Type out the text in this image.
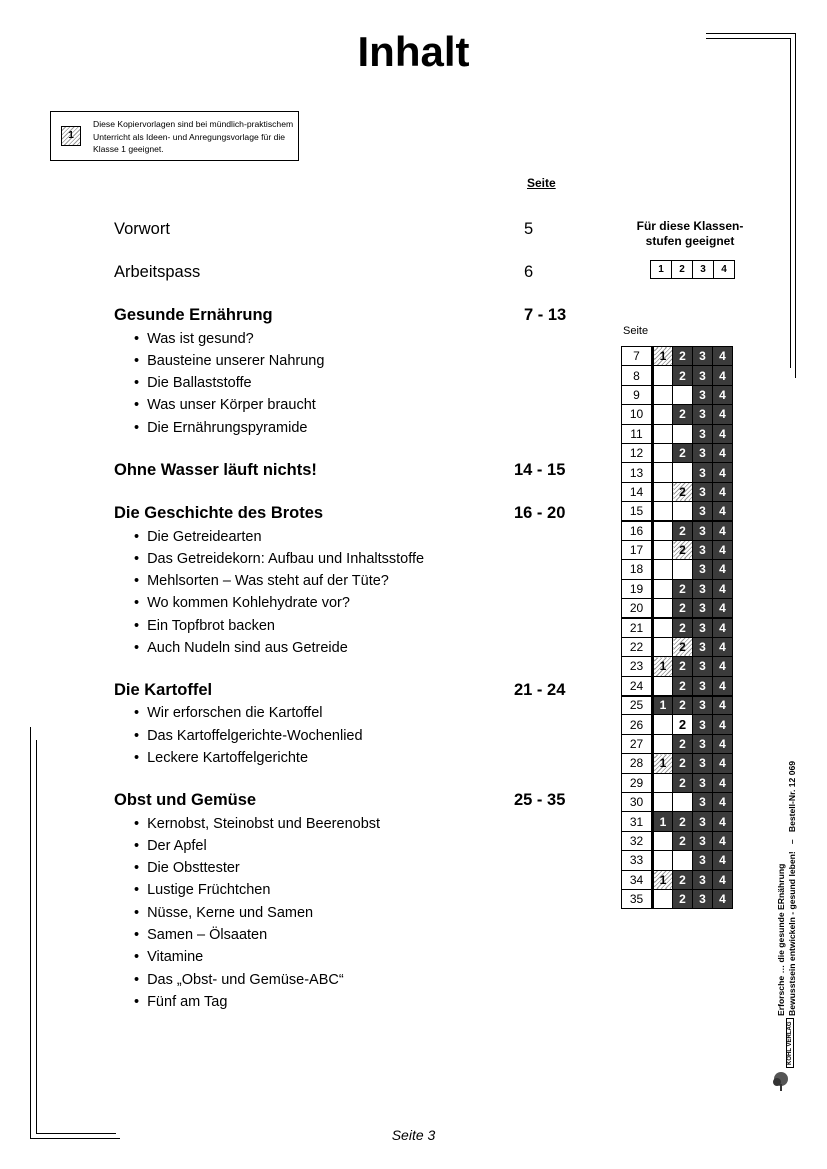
Inhalt
1
Diese Kopiervorlagen sind bei mündlich-praktischem Unterricht als Ideen- und Anregungsvorlage für die Klasse 1 geeignet.
Seite
Vorwort	5
Arbeitspass	6
Gesunde Ernährung	7 - 13
• Was ist gesund?
• Bausteine unserer Nahrung
• Die Ballaststoffe
• Was unser Körper braucht
• Die Ernährungspyramide
Ohne Wasser läuft nichts!	14 - 15
Die Geschichte des Brotes	16 - 20
• Die Getreidearten
• Das Getreidekorn: Aufbau und Inhaltsstoffe
• Mehlsorten – Was steht auf der Tüte?
• Wo kommen Kohlehydrate vor?
• Ein Topfbrot backen
• Auch Nudeln sind aus Getreide
Die Kartoffel	21 - 24
• Wir erforschen die Kartoffel
• Das Kartoffelgerichte-Wochenlied
• Leckere Kartoffelgerichte
Obst und Gemüse	25 - 35
• Kernobst, Steinobst und Beerenobst
• Der Apfel
• Die Obsttester
• Lustige Früchtchen
• Nüsse, Kerne und Samen
• Samen – Ölsaaten
• Vitamine
• Das „Obst- und Gemüse-ABC“
• Fünf am Tag
Für diese Klassen-stufen geeignet
1	2	3	4
Seite
7	1	2	3	4
8		2	3	4
9			3	4
10		2	3	4
11			3	4
12		2	3	4
13			3	4
14		2	3	4
15			3	4
16		2	3	4
17		2	3	4
18			3	4
19		2	3	4
20		2	3	4
21		2	3	4
22		2	3	4
23	1	2	3	4
24		2	3	4
25	1	2	3	4
26		2	3	4
27		2	3	4
28	1	2	3	4
29		2	3	4
30			3	4
31	1	2	3	4
32		2	3	4
33			3	4
34	1	2	3	4
35		2	3	4	Erforsche … die gesunde ERnährung Bewusstsein entwickeln - gesund leben!   –   Bestell-Nr. 12 069
KOHL VERLAG
Seite 3
